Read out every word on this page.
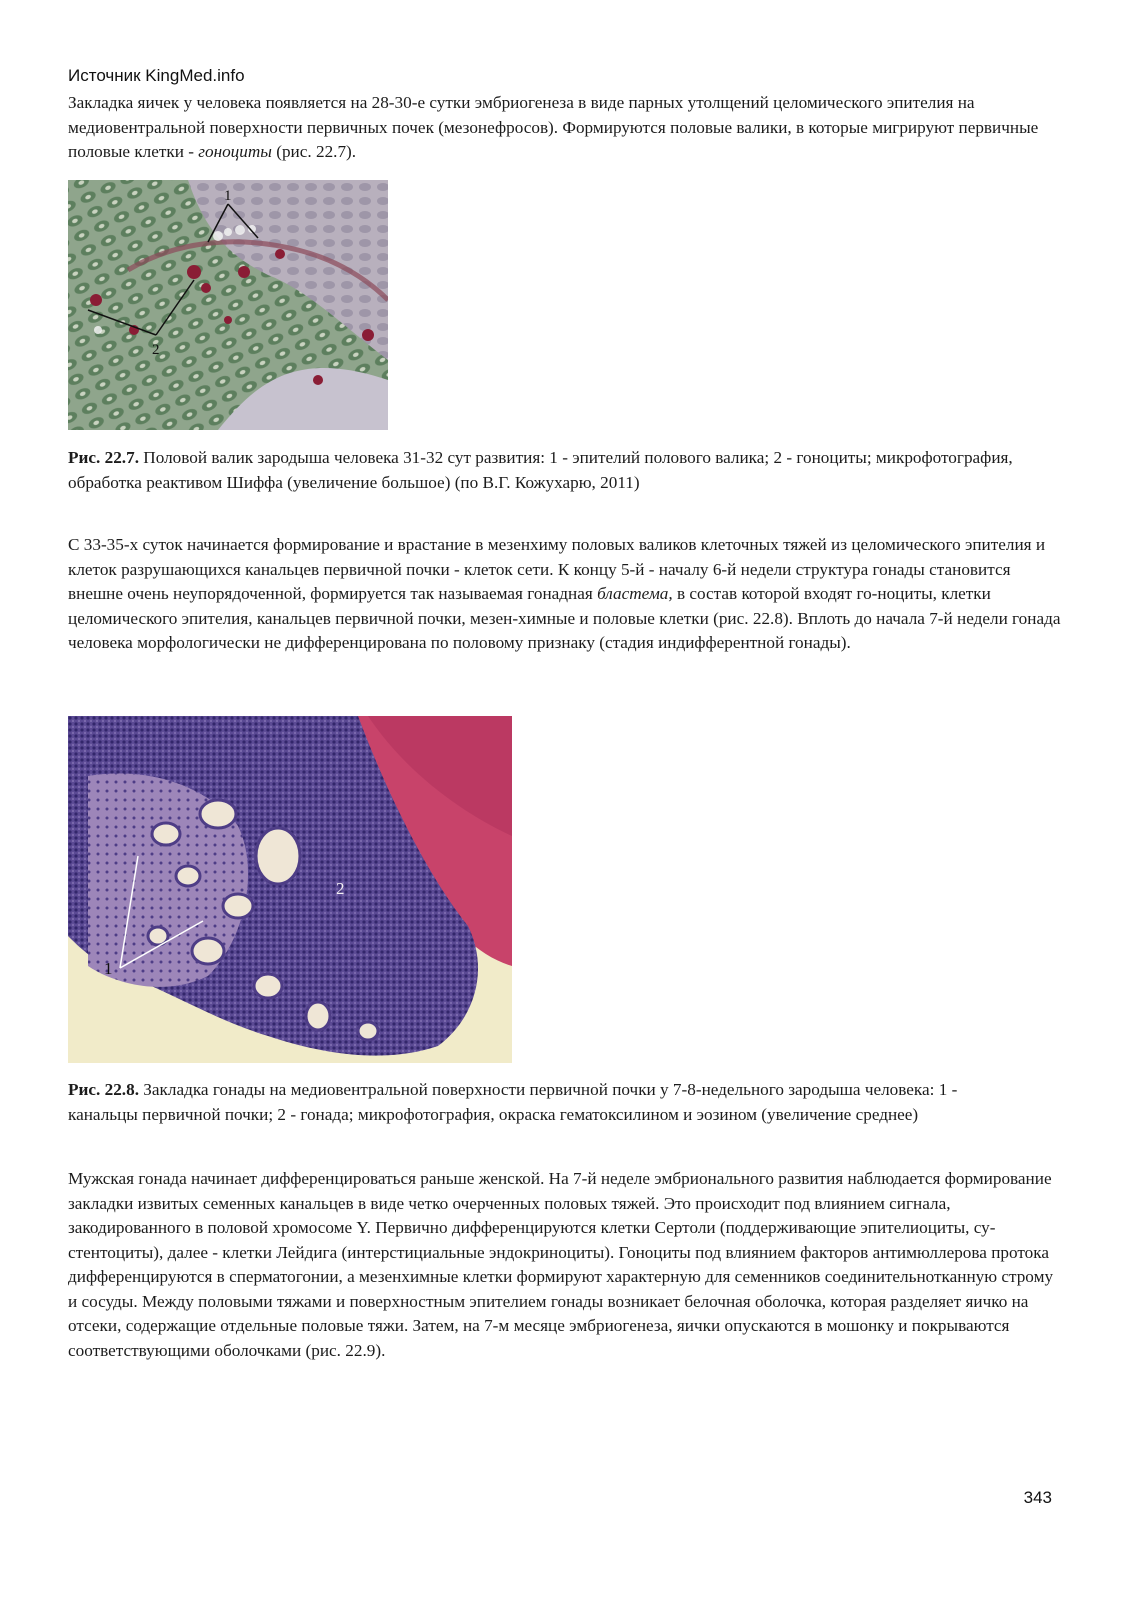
Источник KingMed.info

Закладка яичек у человека появляется на 28-30-е сутки эмбриогенеза в виде парных утолщений целомического эпителия на медиовентральной поверхности первичных почек (мезонефросов). Формируются половые валики, в которые мигрируют первичные половые клетки - гоноциты (рис. 22.7).

1
2

Рис. 22.7. Половой валик зародыша человека 31-32 сут развития: 1 - эпителий полового валика; 2 - гоноциты; микрофотография, обработка реактивом Шиффа (увеличение большое) (по В.Г. Кожухарю, 2011)

С 33-35-х суток начинается формирование и врастание в мезенхиму половых валиков клеточных тяжей из целомического эпителия и клеток разрушающихся канальцев первичной почки - клеток сети. К концу 5-й - началу 6-й недели структура гонады становится внешне очень неупорядоченной, формируется так называемая гонадная бластема, в состав которой входят го-ноциты, клетки целомического эпителия, канальцев первичной почки, мезен-химные и половые клетки (рис. 22.8). Вплоть до начала 7-й недели гонада человека морфологически не дифференцирована по половому признаку (стадия индифферентной гонады).

1
2

Рис. 22.8. Закладка гонады на медиовентральной поверхности первичной почки у 7-8-недельного зародыша человека: 1 - канальцы первичной почки; 2 - гонада; микрофотография, окраска гематоксилином и эозином (увеличение среднее)

Мужская гонада начинает дифференцироваться раньше женской. На 7-й неделе эмбрионального развития наблюдается формирование закладки извитых семенных канальцев в виде четко очерченных половых тяжей. Это происходит под влиянием сигнала, закодированного в половой хромосоме Y. Первично дифференцируются клетки Сертоли (поддерживающие эпителиоциты, су-стентоциты), далее - клетки Лейдига (интерстициальные эндокриноциты). Гоноциты под влиянием факторов антимюллерова протока дифференцируются в сперматогонии, а мезенхимные клетки формируют характерную для семенников соединительнотканную строму и сосуды. Между половыми тяжами и поверхностным эпителием гонады возникает белочная оболочка, которая разделяет яичко на отсеки, содержащие отдельные половые тяжи. Затем, на 7-м месяце эмбриогенеза, яички опускаются в мошонку и покрываются соответствующими оболочками (рис. 22.9).

343
